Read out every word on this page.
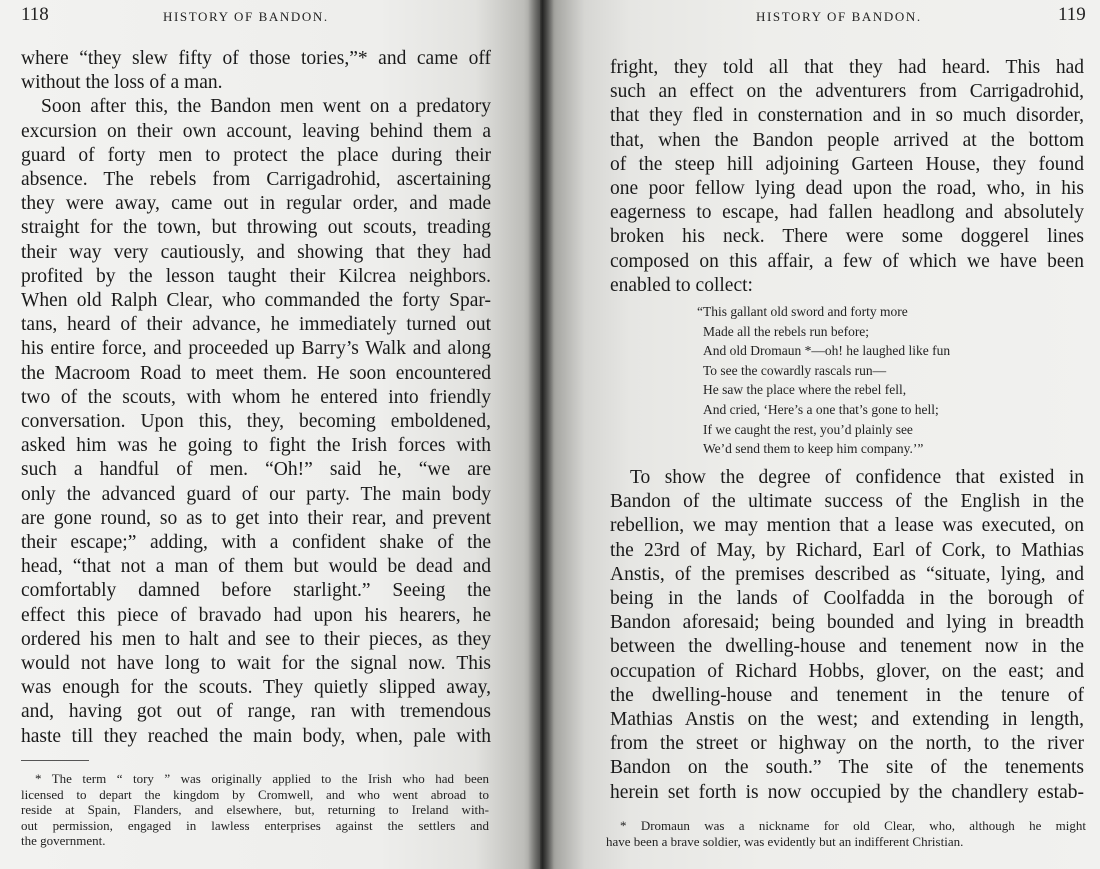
118	HISTORY OF BANDON.
where “they slew fifty of those tories,”* and came off
without the loss of a man.
Soon after this, the Bandon men went on a predatory
excursion on their own account, leaving behind them a
guard of forty men to protect the place during their
absence. The rebels from Carrigadrohid, ascertaining
they were away, came out in regular order, and made
straight for the town, but throwing out scouts, treading
their way very cautiously, and showing that they had
profited by the lesson taught their Kilcrea neighbors.
When old Ralph Clear, who commanded the forty Spar-
tans, heard of their advance, he immediately turned out
his entire force, and proceeded up Barry’s Walk and along
the Macroom Road to meet them. He soon encountered
two of the scouts, with whom he entered into friendly
conversation. Upon this, they, becoming emboldened,
asked him was he going to fight the Irish forces with
such a handful of men. “Oh!” said he, “we are
only the advanced guard of our party. The main body
are gone round, so as to get into their rear, and prevent
their escape;” adding, with a confident shake of the
head, “that not a man of them but would be dead and
comfortably damned before starlight.” Seeing the
effect this piece of bravado had upon his hearers, he
ordered his men to halt and see to their pieces, as they
would not have long to wait for the signal now. This
was enough for the scouts. They quietly slipped away,
and, having got out of range, ran with tremendous
haste till they reached the main body, when, pale with
* The term “ tory ” was originally applied to the Irish who had been
licensed to depart the kingdom by Cromwell, and who went abroad to
reside at Spain, Flanders, and elsewhere, but, returning to Ireland with-
out permission, engaged in lawless enterprises against the settlers and
the government.
119
HISTORY OF BANDON.
fright, they told all that they had heard. This had
such an effect on the adventurers from Carrigadrohid,
that they fled in consternation and in so much disorder,
that, when the Bandon people arrived at the bottom
of the steep hill adjoining Garteen House, they found
one poor fellow lying dead upon the road, who, in his
eagerness to escape, had fallen headlong and absolutely
broken his neck. There were some doggerel lines
composed on this affair, a few of which we have been
enabled to collect:
“This gallant old sword and forty more
Made all the rebels run before;
And old Dromaun *—oh! he laughed like fun
To see the cowardly rascals run—
He saw the place where the rebel fell,
And cried, ‘Here’s a one that’s gone to hell;
If we caught the rest, you’d plainly see
We’d send them to keep him company.’”
To show the degree of confidence that existed in
Bandon of the ultimate success of the English in the
rebellion, we may mention that a lease was executed, on
the 23rd of May, by Richard, Earl of Cork, to Mathias
Anstis, of the premises described as “situate, lying, and
being in the lands of Coolfadda in the borough of
Bandon aforesaid; being bounded and lying in breadth
between the dwelling-house and tenement now in the
occupation of Richard Hobbs, glover, on the east; and
the dwelling-house and tenement in the tenure of
Mathias Anstis on the west; and extending in length,
from the street or highway on the north, to the river
Bandon on the south.” The site of the tenements
herein set forth is now occupied by the chandlery estab-
* Dromaun was a nickname for old Clear, who, although he might
have been a brave soldier, was evidently but an indifferent Christian.
